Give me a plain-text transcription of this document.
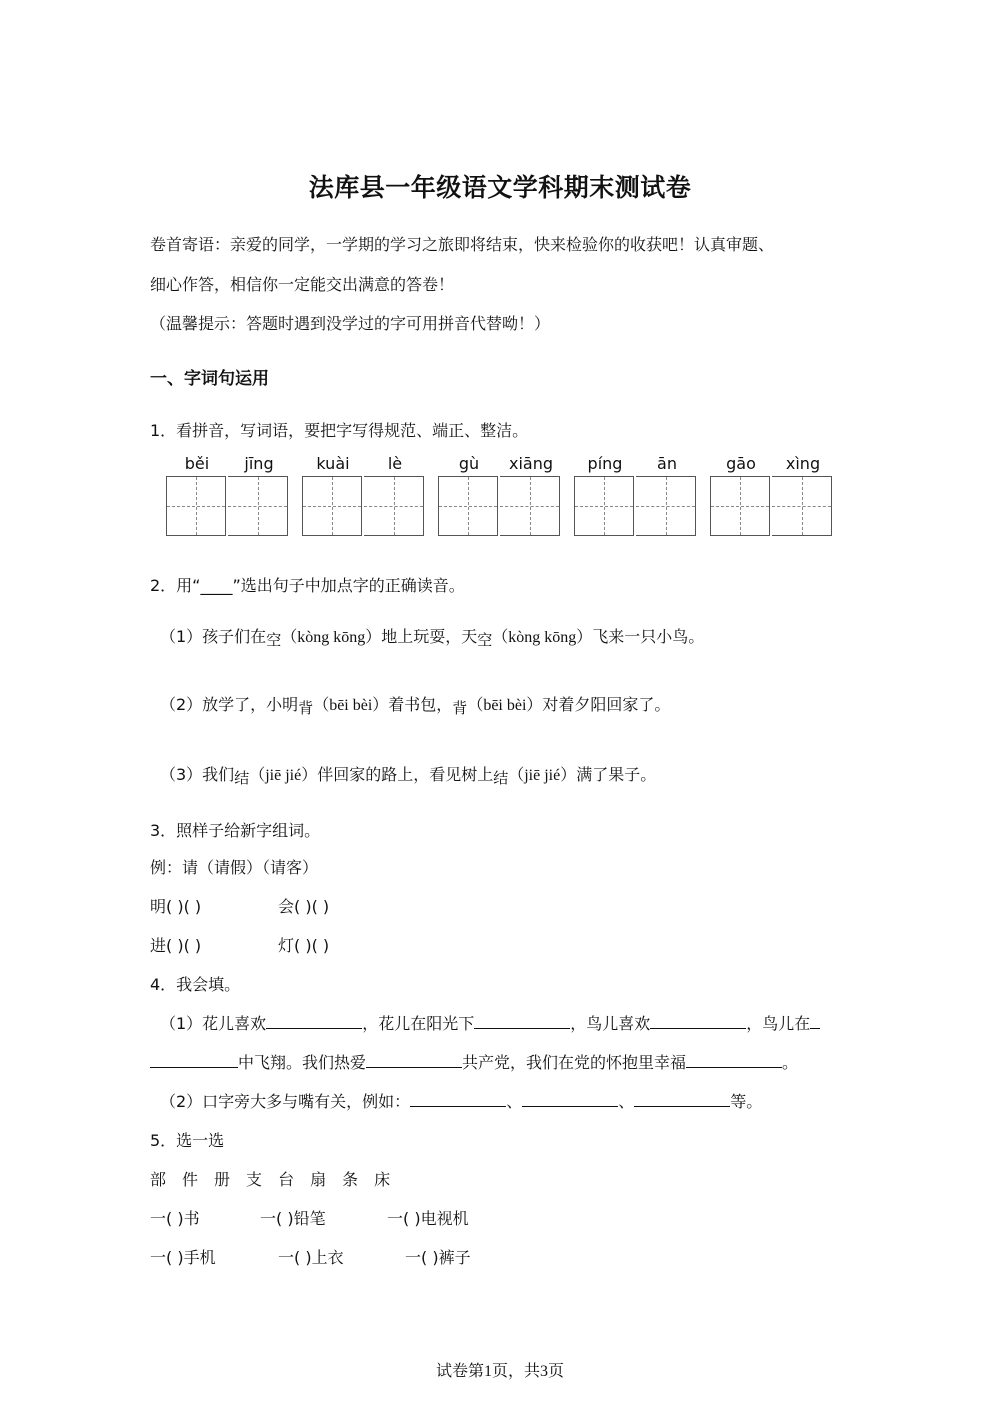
法库县一年级语文学科期末测试卷
卷首寄语：亲爱的同学，一学期的学习之旅即将结束，快来检验你的收获吧！认真审题、
细心作答，相信你一定能交出满意的答卷！
（温馨提示：答题时遇到没学过的字可用拼音代替呦！）
一、字词句运用
1．看拼音，写词语，要把字写得规范、端正、整洁。
běi	jīng	kuài	lè	gù	xiāng	píng	ān	gāo	xìng
2．用“____”选出句子中加点字的正确读音。
（1）孩子们在空（kòng kōng）地上玩耍，天空（kòng kōng）飞来一只小鸟。
（2）放学了，小明背（bēi bèi）着书包，背（bēi bèi）对着夕阳回家了。
（3）我们结（jiē jié）伴回家的路上，看见树上结（jiē jié）满了果子。
3．照样子给新字组词。
例：请（请假）（请客）
明( )( )	会( )( )
进( )( )	灯( )( )
4．我会填。
（1）花儿喜欢	，花儿在阳光下	，鸟儿喜欢	，鸟儿在
中飞翔。我们热爱	共产党，我们在党的怀抱里幸福	。
（2）口字旁大多与嘴有关，例如：	、	、	等。
5．选一选
部 件 册 支 台 扇 条 床
一( )书	一( )铅笔	一( )电视机
一( )手机	一( )上衣	一( )裤子
试卷第1页，共3页
